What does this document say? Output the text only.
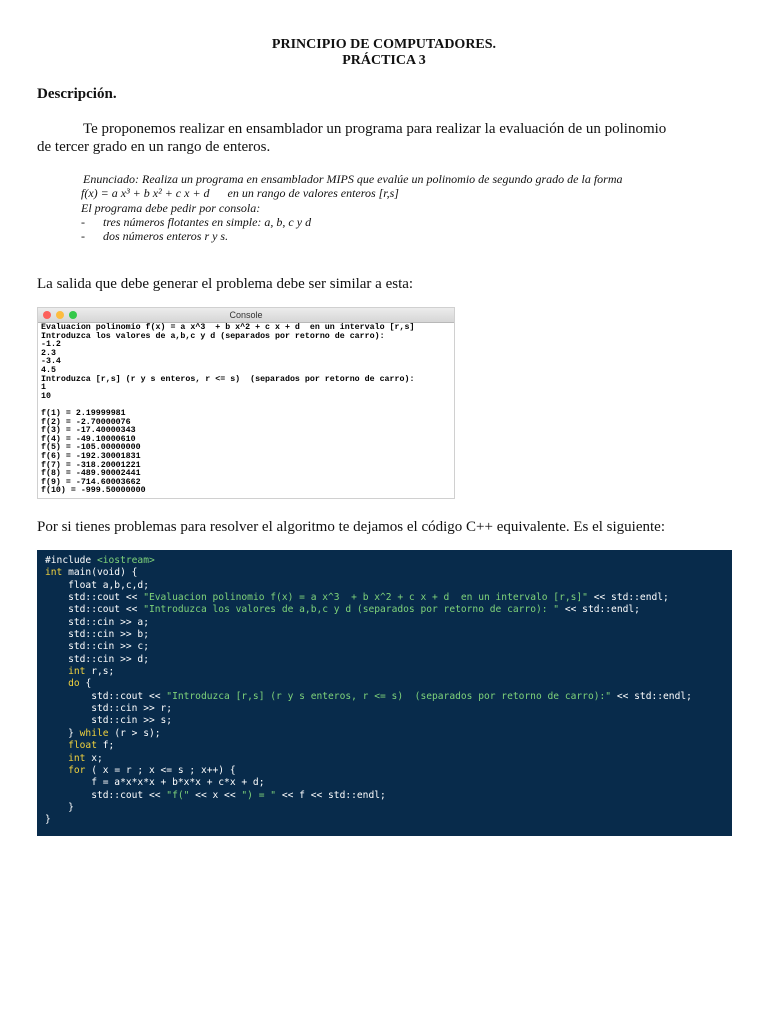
PRINCIPIO DE COMPUTADORES.
PRÁCTICA 3
Descripción.
Te proponemos realizar en ensamblador un programa para realizar la evaluación de un polinomio
de tercer grado en un rango de enteros.
Enunciado: Realiza un programa en ensamblador MIPS que evalúe un polinomio de segundo grado de la forma
f(x) = a x³ + b x² + c x + d en un rango de valores enteros [r,s]
El programa debe pedir por consola:
- tres números flotantes en simple: a, b, c y d
- dos números enteros r y s.
La salida que debe generar el problema debe ser similar a esta:
Console
Evaluacion polinomio f(x) = a x^3  + b x^2 + c x + d  en un intervalo [r,s]
Introduzca los valores de a,b,c y d (separados por retorno de carro):
-1.2
2.3
-3.4
4.5
Introduzca [r,s] (r y s enteros, r <= s)  (separados por retorno de carro):
1
10

f(1) = 2.19999981
f(2) = -2.70000076
f(3) = -17.40000343
f(4) = -49.10000610
f(5) = -105.00000000
f(6) = -192.30001831
f(7) = -318.20001221
f(8) = -489.90002441
f(9) = -714.60003662
f(10) = -999.50000000

Por si tienes problemas para resolver el algoritmo te dejamos el código C++ equivalente. Es el siguiente:
#include <iostream>
int main(void) {
float a,b,c,d;
std::cout << "Evaluacion polinomio f(x) = a x^3  + b x^2 + c x + d  en un intervalo [r,s]" << std::endl;
std::cout << "Introduzca los valores de a,b,c y d (separados por retorno de carro): " << std::endl;
std::cin >> a;
std::cin >> b;
std::cin >> c;
std::cin >> d;
int r,s;
do {
std::cout << "Introduzca [r,s] (r y s enteros, r <= s)  (separados por retorno de carro):" << std::endl;
std::cin >> r;
std::cin >> s;
} while (r > s);
float f;
int x;
for ( x = r ; x <= s ; x++) {
f = a*x*x*x + b*x*x + c*x + d;
std::cout << "f(" << x << ") = " << f << std::endl;
}
}
